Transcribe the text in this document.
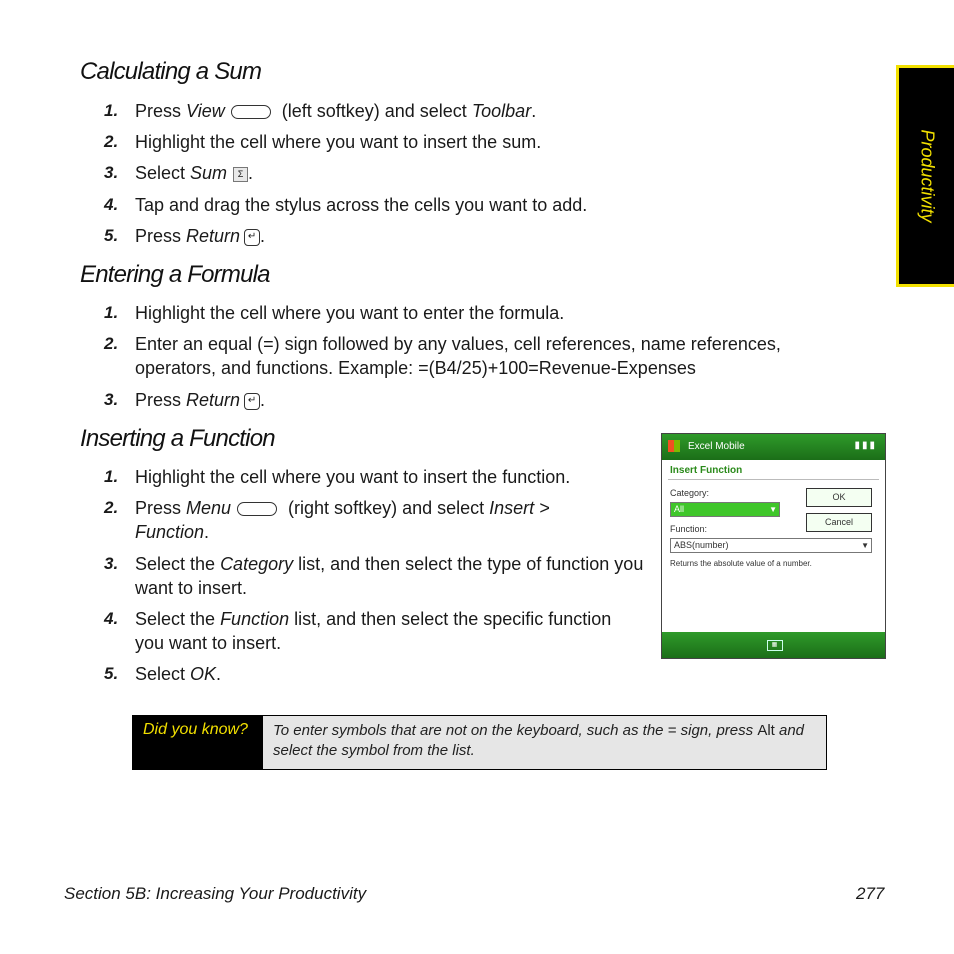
Productivity
Calculating a Sum
1. Press View	(left softkey) and select Toolbar.
2. Highlight the cell where you want to insert the sum.
3. Select Sum Σ .
4. Tap and drag the stylus across the cells you want to add.
5. Press Return ↵ .
Entering a Formula
1. Highlight the cell where you want to enter the formula.
2. Enter an equal (=) sign followed by any values, cell references, name references, operators, and functions. Example: =(B4/25)+100=Revenue-Expenses
3. Press Return ↵ .
Inserting a Function
1. Highlight the cell where you want to insert the function.
2. Press Menu	(right softkey) and select Insert > Function.
3. Select the Category list, and then select the type of function you want to insert.
4. Select the Function list, and then select the specific function you want to insert.
5. Select OK.
Excel Mobile	▮▮▮
Insert Function
Category:
All	▼
Function:
ABS(number)	▼
OK
Cancel
Returns the absolute value of a number.
▦
Did you know?	To enter symbols that are not on the keyboard, such as the = sign, press Alt and select the symbol from the list.
Section 5B: Increasing Your Productivity	277
